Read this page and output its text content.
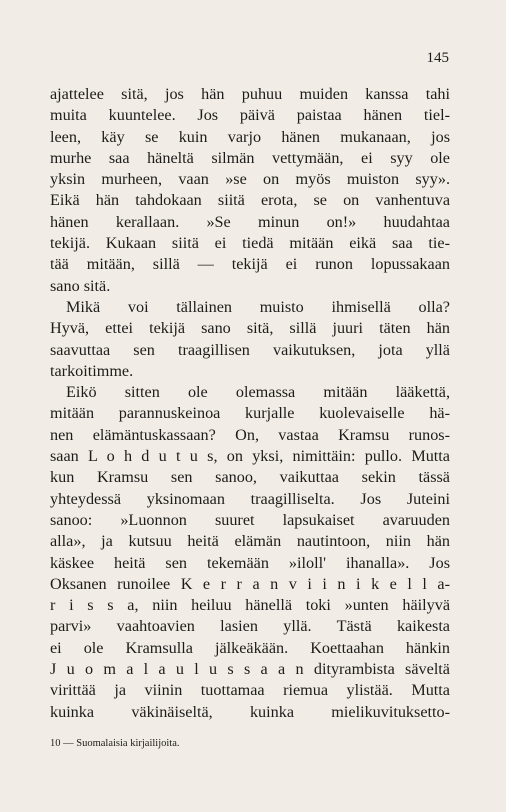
145
ajattelee sitä, jos hän puhuu muiden kanssa tahi
muita kuuntelee. Jos päivä paistaa hänen tiel-
leen, käy se kuin varjo hänen mukanaan, jos
murhe saa häneltä silmän vettymään, ei syy ole
yksin murheen, vaan »se on myös muiston syy».
Eikä hän tahdokaan siitä erota, se on vanhentuva
hänen kerallaan. »Se minun on!» huudahtaa
tekijä. Kukaan siitä ei tiedä mitään eikä saa tie-
tää mitään, sillä — tekijä ei runon lopussakaan
sano sitä.
Mikä voi tällainen muisto ihmisellä olla?
Hyvä, ettei tekijä sano sitä, sillä juuri täten hän
saavuttaa sen traagillisen vaikutuksen, jota yllä
tarkoitimme.
Eikö sitten ole olemassa mitään lääkettä,
mitään parannuskeinoa kurjalle kuolevaiselle hä-
nen elämäntuskassaan? On, vastaa Kramsu runos-
saan L o h d u t u s, on yksi, nimittäin: pullo. Mutta
kun Kramsu sen sanoo, vaikuttaa sekin tässä
yhteydessä yksinomaan traagilliselta. Jos Juteini
sanoo: »Luonnon suuret lapsukaiset avaruuden
alla», ja kutsuu heitä elämän nautintoon, niin hän
käskee heitä sen tekemään »iloll' ihanalla». Jos
Oksanen runoilee K e r r a n v i i n i k e l l a-
r i s s a, niin heiluu hänellä toki »unten häilyvä
parvi» vaahtoavien lasien yllä. Tästä kaikesta
ei ole Kramsulla jälkeäkään. Koettaahan hänkin
J u o m a l a u l u s s a a n dityrambista säveltä
virittää ja viinin tuottamaa riemua ylistää. Mutta
kuinka väkinäiseltä, kuinka mielikuvituksetto-
10 — Suomalaisia kirjailijoita.
